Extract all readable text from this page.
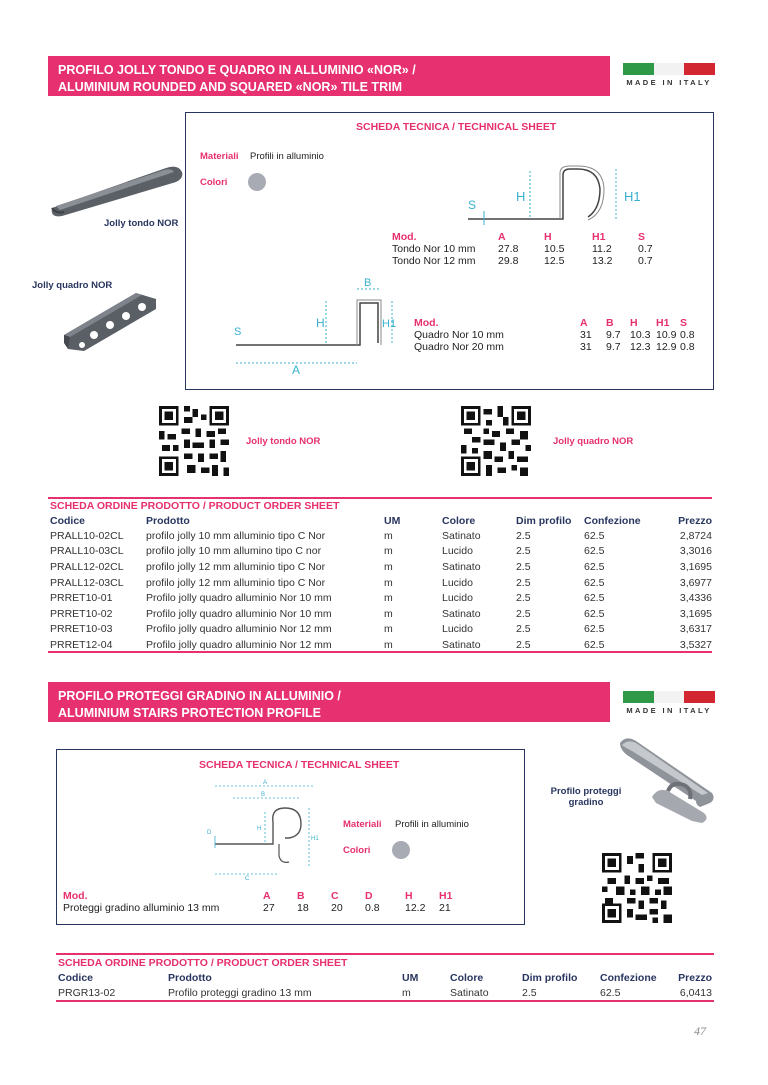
PROFILO JOLLY TONDO E QUADRO IN ALLUMINIO «NOR» /
ALUMINIUM ROUNDED AND SQUARED «NOR» TILE TRIM	MADE IN ITALY
Jolly tondo NOR
Jolly quadro NOR
SCHEDA TECNICA / TECHNICAL SHEET
Materiali Profili in alluminio
Colori
S
H	H1
Mod.	A	H	H1	S
Tondo Nor 10 mm	27.8	10.5	11.2	0.7
Tondo Nor 12 mm	29.8	12.5	13.2	0.7
S
H	H1
B
A
Mod.	A	B	H	H1	S
Quadro Nor 10 mm	31	9.7	10.3	10.9	0.8
Quadro Nor 20 mm	31	9.7	12.3	12.9	0.8
Jolly tondo NOR	Jolly quadro NOR
SCHEDA ORDINE PRODOTTO / PRODUCT ORDER SHEET
Codice	Prodotto	UM	Colore	Dim profilo	Confezione	Prezzo
PRALL10-02CL	profilo jolly 10 mm alluminio tipo C Nor	m	Satinato	2.5	62.5	2,8724
PRALL10-03CL	profilo jolly 10 mm allumino tipo C nor	m	Lucido	2.5	62.5	3,3016
PRALL12-02CL	profilo jolly 12 mm alluminio tipo C Nor	m	Satinato	2.5	62.5	3,1695
PRALL12-03CL	profilo jolly 12 mm alluminio tipo C Nor	m	Lucido	2.5	62.5	3,6977
PRRET10-01	Profilo jolly quadro alluminio Nor 10 mm	m	Lucido	2.5	62.5	3,4336
PRRET10-02	Profilo jolly quadro alluminio Nor 10 mm	m	Satinato	2.5	62.5	3,1695
PRRET10-03	Profilo jolly quadro alluminio Nor 12 mm	m	Lucido	2.5	62.5	3,6317
PRRET12-04	Profilo jolly quadro alluminio Nor 12 mm	m	Satinato	2.5	62.5	3,5327
PROFILO PROTEGGI GRADINO IN ALLUMINIO /
ALUMINIUM STAIRS PROTECTION PROFILE	MADE IN ITALY
SCHEDA TECNICA / TECHNICAL SHEET
A
B
C
D
H
H1
Materiali Profili in alluminio
Colori
Mod.	A	B	C	D	H	H1
Proteggi gradino alluminio 13 mm	27	18	20	0.8	12.2	21
Profilo proteggi
gradino
SCHEDA ORDINE PRODOTTO / PRODUCT ORDER SHEET
Codice	Prodotto	UM	Colore	Dim profilo	Confezione	Prezzo
PRGR13-02	Profilo proteggi gradino 13 mm	m	Satinato	2.5	62.5	6,0413
47
